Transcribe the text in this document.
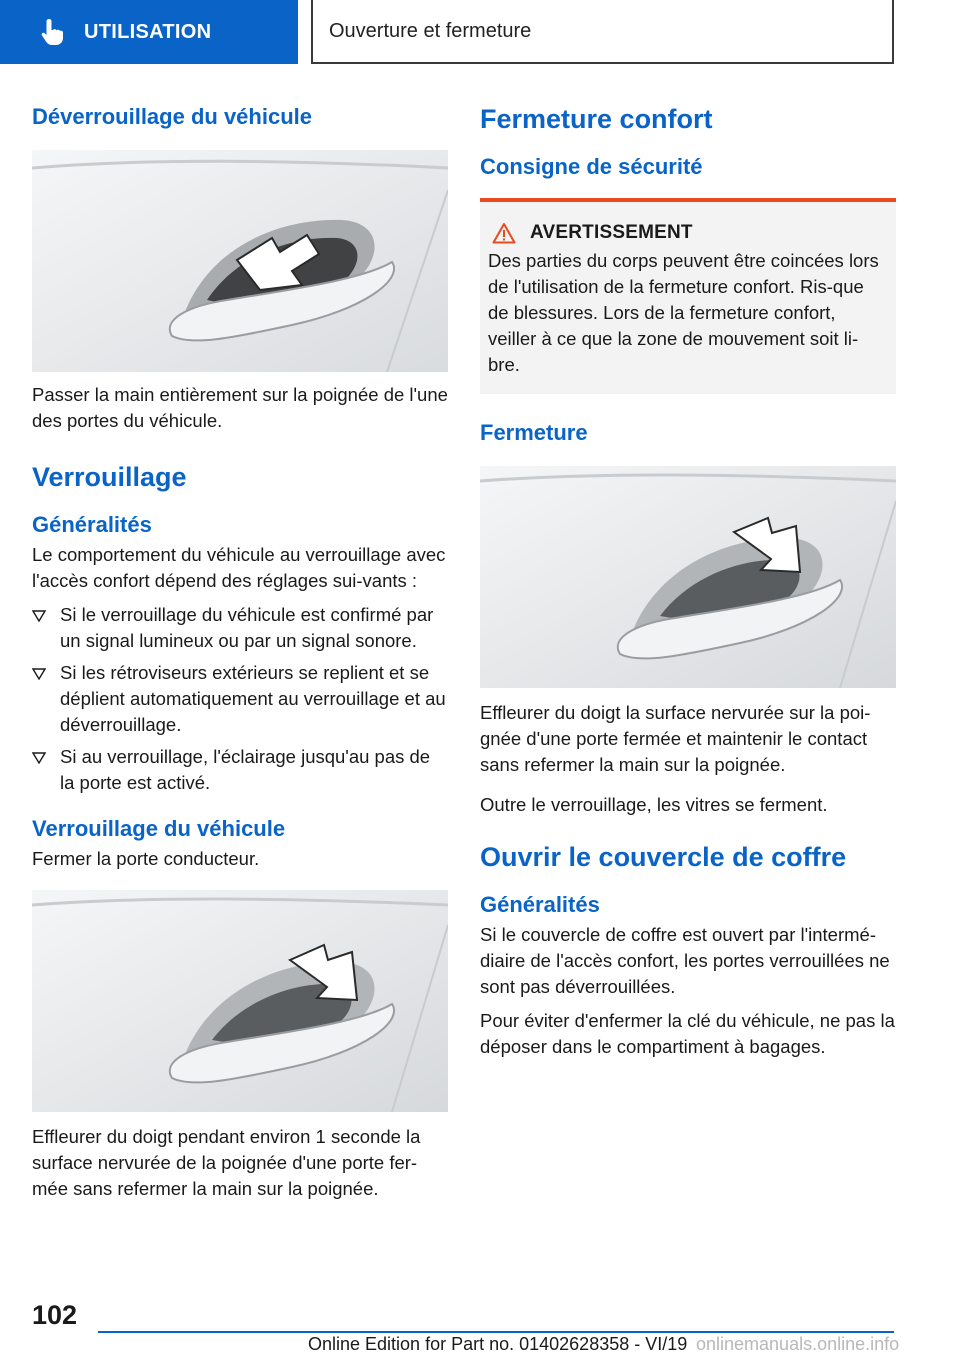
UTILISATION	Ouverture et fermeture
Déverrouillage du véhicule

Passer la main entièrement sur la poignée de l'une des portes du véhicule.

Verrouillage
Généralités

Le comportement du véhicule au verrouillage avec l'accès confort dépend des réglages sui-vants :

Si le verrouillage du véhicule est confirmé par un signal lumineux ou par un signal sonore.
Si les rétroviseurs extérieurs se replient et se déplient automatiquement au verrouillage et au déverrouillage.
Si au verrouillage, l'éclairage jusqu'au pas de la porte est activé.
Verrouillage du véhicule

Fermer la porte conducteur.

Effleurer du doigt pendant environ 1 seconde la surface nervurée de la poignée d'une porte fer-mée sans refermer la main sur la poignée.

Fermeture confort
Consigne de sécurité
AVERTISSEMENT

Des parties du corps peuvent être coincées lors de l'utilisation de la fermeture confort. Ris-que de blessures. Lors de la fermeture confort, veiller à ce que la zone de mouvement soit li-bre.

Fermeture

Effleurer du doigt la surface nervurée sur la poi-gnée d'une porte fermée et maintenir le contact sans refermer la main sur la poignée.

Outre le verrouillage, les vitres se ferment.

Ouvrir le couvercle de coffre
Généralités

Si le couvercle de coffre est ouvert par l'intermé-diaire de l'accès confort, les portes verrouillées ne sont pas déverrouillées.

Pour éviter d'enfermer la clé du véhicule, ne pas la déposer dans le compartiment à bagages.

102
Online Edition for Part no. 01402628358 - VI/19 onlinemanuals.online.info
